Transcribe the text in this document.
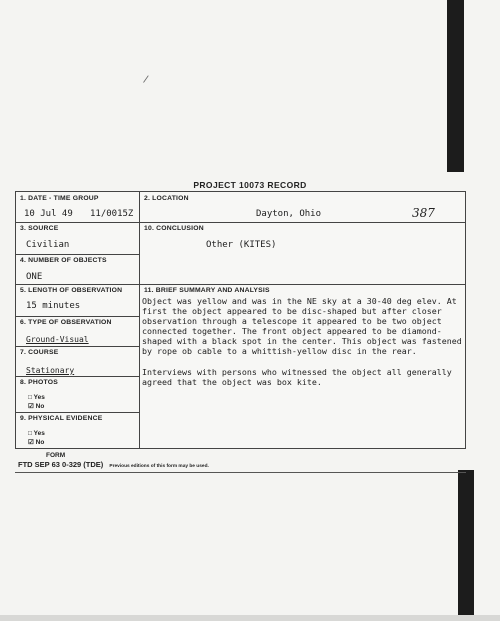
/
PROJECT 10073 RECORD
1. DATE - TIME GROUP
10 Jul 49 11/0015Z
2. LOCATION
Dayton, Ohio	387
3. SOURCE
Civilian
10. CONCLUSION
Other (KITES)
4. NUMBER OF OBJECTS
ONE
5. LENGTH OF OBSERVATION
15 minutes
11. BRIEF SUMMARY AND ANALYSIS
6. TYPE OF OBSERVATION
Ground-Visual
7. COURSE
Stationary
8. PHOTOS
□ Yes
☑ No
9. PHYSICAL EVIDENCE
□ Yes
☑ No

Object was yellow and was in the NE sky at a 30-40 deg elev. At first the object appeared to be disc-shaped but after closer observation through a telescope it appeared to be two object connected together. The front object appeared to be diamond-shaped with a black spot in the center. This object was fastened by rope ob cable to a whittish-yellow disc in the rear.

Interviews with persons who witnessed the object all generally agreed that the object was box kite.

FORM
FTD SEP 63 0-329 (TDE) Previous editions of this form may be used.
